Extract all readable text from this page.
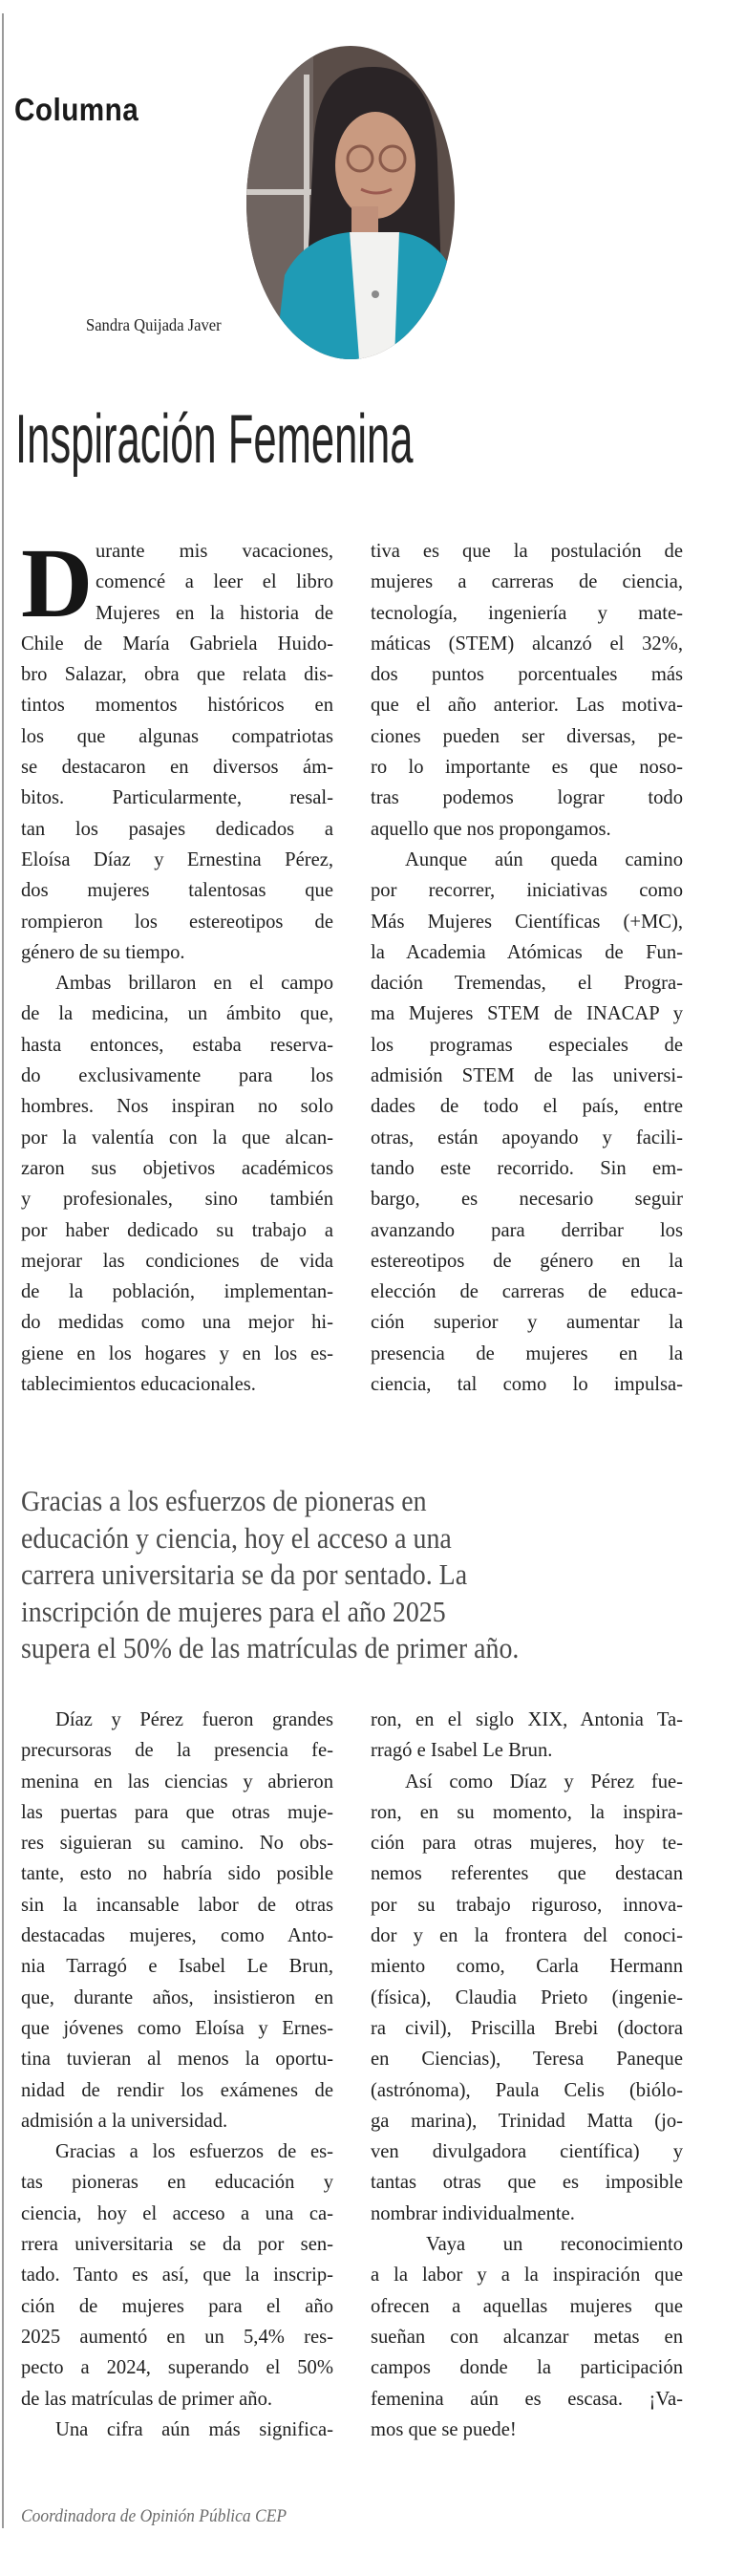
Columna
Sandra Quijada Javer
Inspiración Femenina
D urante mis vacaciones,
comencé a leer el libro
Mujeres en la historia de
Chile de María Gabriela Huido-
bro Salazar, obra que relata dis-
tintos momentos históricos en
los que algunas compatriotas
se destacaron en diversos ám-
bitos. Particularmente, resal-
tan los pasajes dedicados a
Eloísa Díaz y Ernestina Pérez,
dos mujeres talentosas que
rompieron los estereotipos de
género de su tiempo.
Ambas brillaron en el campo
de la medicina, un ámbito que,
hasta entonces, estaba reserva-
do exclusivamente para los
hombres. Nos inspiran no solo
por la valentía con la que alcan-
zaron sus objetivos académicos
y profesionales, sino también
por haber dedicado su trabajo a
mejorar las condiciones de vida
de la población, implementan-
do medidas como una mejor hi-
giene en los hogares y en los es-
tablecimientos educacionales.
tiva es que la postulación de
mujeres a carreras de ciencia,
tecnología, ingeniería y mate-
máticas (STEM) alcanzó el 32%,
dos puntos porcentuales más
que el año anterior. Las motiva-
ciones pueden ser diversas, pe-
ro lo importante es que noso-
tras podemos lograr todo
aquello que nos propongamos.
Aunque aún queda camino
por recorrer, iniciativas como
Más Mujeres Científicas (+MC),
la Academia Atómicas de Fun-
dación Tremendas, el Progra-
ma Mujeres STEM de INACAP y
los programas especiales de
admisión STEM de las universi-
dades de todo el país, entre
otras, están apoyando y facili-
tando este recorrido. Sin em-
bargo, es necesario seguir
avanzando para derribar los
estereotipos de género en la
elección de carreras de educa-
ción superior y aumentar la
presencia de mujeres en la
ciencia, tal como lo impulsa-
Gracias a los esfuerzos de pioneras en
educación y ciencia, hoy el acceso a una
carrera universitaria se da por sentado. La
inscripción de mujeres para el año 2025
supera el 50% de las matrículas de primer año.
Díaz y Pérez fueron grandes
precursoras de la presencia fe-
menina en las ciencias y abrieron
las puertas para que otras muje-
res siguieran su camino. No obs-
tante, esto no habría sido posible
sin la incansable labor de otras
destacadas mujeres, como Anto-
nia Tarragó e Isabel Le Brun,
que, durante años, insistieron en
que jóvenes como Eloísa y Ernes-
tina tuvieran al menos la oportu-
nidad de rendir los exámenes de
admisión a la universidad.
Gracias a los esfuerzos de es-
tas pioneras en educación y
ciencia, hoy el acceso a una ca-
rrera universitaria se da por sen-
tado. Tanto es así, que la inscrip-
ción de mujeres para el año
2025 aumentó en un 5,4% res-
pecto a 2024, superando el 50%
de las matrículas de primer año.
Una cifra aún más significa-
ron, en el siglo XIX, Antonia Ta-
rragó e Isabel Le Brun.
Así como Díaz y Pérez fue-
ron, en su momento, la inspira-
ción para otras mujeres, hoy te-
nemos referentes que destacan
por su trabajo riguroso, innova-
dor y en la frontera del conoci-
miento como, Carla Hermann
(física), Claudia Prieto (ingenie-
ra civil), Priscilla Brebi (doctora
en Ciencias), Teresa Paneque
(astrónoma), Paula Celis (biólo-
ga marina), Trinidad Matta (jo-
ven divulgadora científica) y
tantas otras que es imposible
nombrar individualmente.
Vaya un reconocimiento
a la labor y a la inspiración que
ofrecen a aquellas mujeres que
sueñan con alcanzar metas en
campos donde la participación
femenina aún es escasa. ¡Va-
mos que se puede!
Coordinadora de Opinión Pública CEP
